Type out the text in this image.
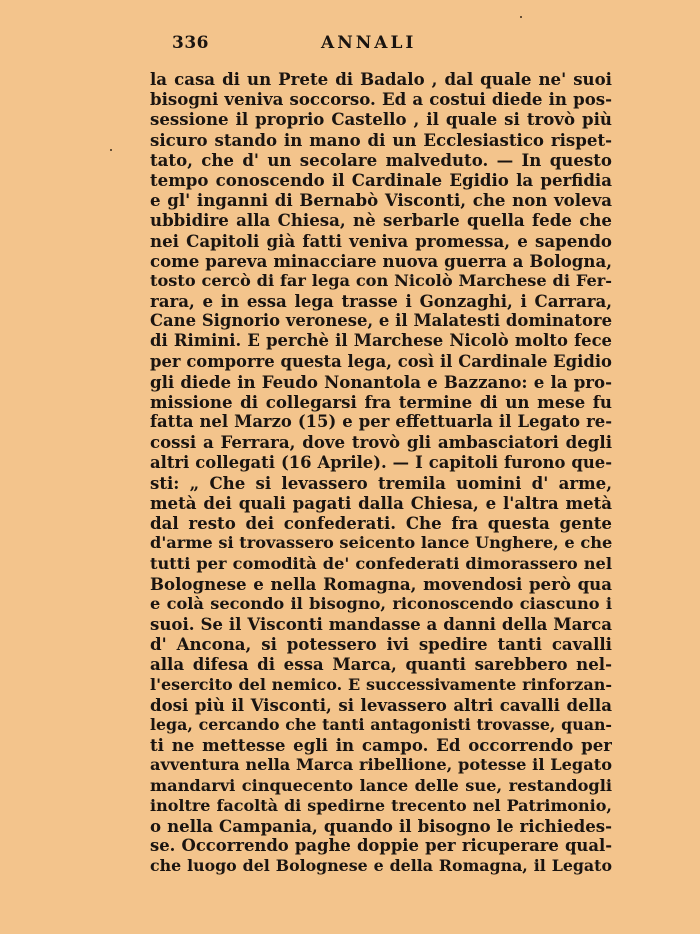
336	ANNALI
la casa di un Prete di Badalo , dal quale ne' suoi
bisogni veniva soccorso. Ed a costui diede in pos-
sessione il proprio Castello , il quale si trovò più
sicuro stando in mano di un Ecclesiastico rispet-
tato, che d' un secolare malveduto. — In questo
tempo conoscendo il Cardinale Egidio la perfidia
e gl' inganni di Bernabò Visconti, che non voleva
ubbidire alla Chiesa, nè serbarle quella fede che
nei Capitoli già fatti veniva promessa, e sapendo
come pareva minacciare nuova guerra a Bologna,
tosto cercò di far lega con Nicolò Marchese di Fer-
rara, e in essa lega trasse i Gonzaghi, i Carrara,
Cane Signorio veronese, e il Malatesti dominatore
di Rimini. E perchè il Marchese Nicolò molto fece
per comporre questa lega, così il Cardinale Egidio
gli diede in Feudo Nonantola e Bazzano: e la pro-
missione di collegarsi fra termine di un mese fu
fatta nel Marzo (15) e per effettuarla il Legato re-
cossi a Ferrara, dove trovò gli ambasciatori degli
altri collegati (16 Aprile). — I capitoli furono que-
sti: „ Che si levassero tremila uomini d' arme,
metà dei quali pagati dalla Chiesa, e l'altra metà
dal resto dei confederati. Che fra questa gente
d'arme si trovassero seicento lance Unghere, e che
tutti per comodità de' confederati dimorassero nel
Bolognese e nella Romagna, movendosi però qua
e colà secondo il bisogno, riconoscendo ciascuno i
suoi. Se il Visconti mandasse a danni della Marca
d' Ancona, si potessero ivi spedire tanti cavalli
alla difesa di essa Marca, quanti sarebbero nel-
l'esercito del nemico. E successivamente rinforzan-
dosi più il Visconti, si levassero altri cavalli della
lega, cercando che tanti antagonisti trovasse, quan-
ti ne mettesse egli in campo. Ed occorrendo per
avventura nella Marca ribellione, potesse il Legato
mandarvi cinquecento lance delle sue, restandogli
inoltre facoltà di spedirne trecento nel Patrimonio,
o nella Campania, quando il bisogno le richiedes-
se. Occorrendo paghe doppie per ricuperare qual-
che luogo del Bolognese e della Romagna, il Legato
